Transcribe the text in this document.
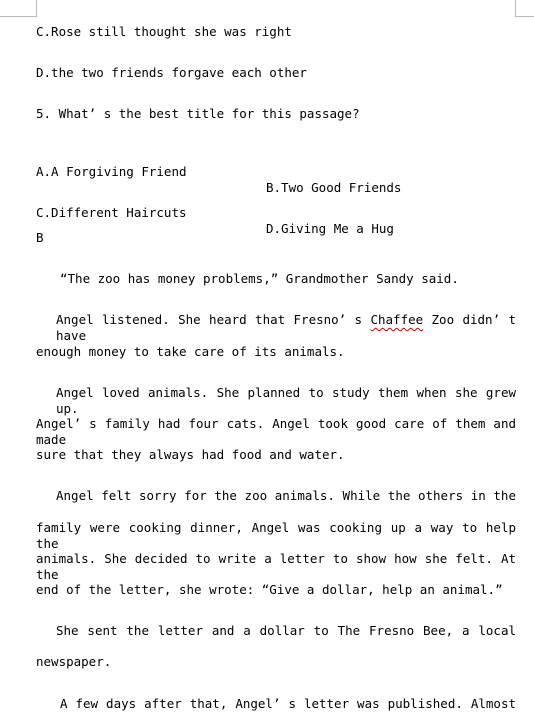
C.Rose still thought she was right
D.the two friends forgave each other
5. What’ s the best title for this passage?

A.A Forgiving Friend

B.Two Good Friends

C.Different Haircuts

D.Giving Me a Hug

B
“The zoo has money problems,” Grandmother Sandy said.
Angel listened. She heard that Fresno’ s Chaffee Zoo didn’ t have
enough money to take care of its animals.
Angel loved animals. She planned to study them when she grew up.
Angel’ s family had four cats. Angel took good care of them and made
sure that they always had food and water.
Angel felt sorry for the zoo animals. While the others in the
family were cooking dinner, Angel was cooking up a way to help the
animals. She decided to write a letter to show how she felt. At the
end of the letter, she wrote: “Give a dollar, help an animal.”
She sent the letter and a dollar to The Fresno Bee, a local
newspaper.
A few days after that, Angel’ s letter was published. Almost
